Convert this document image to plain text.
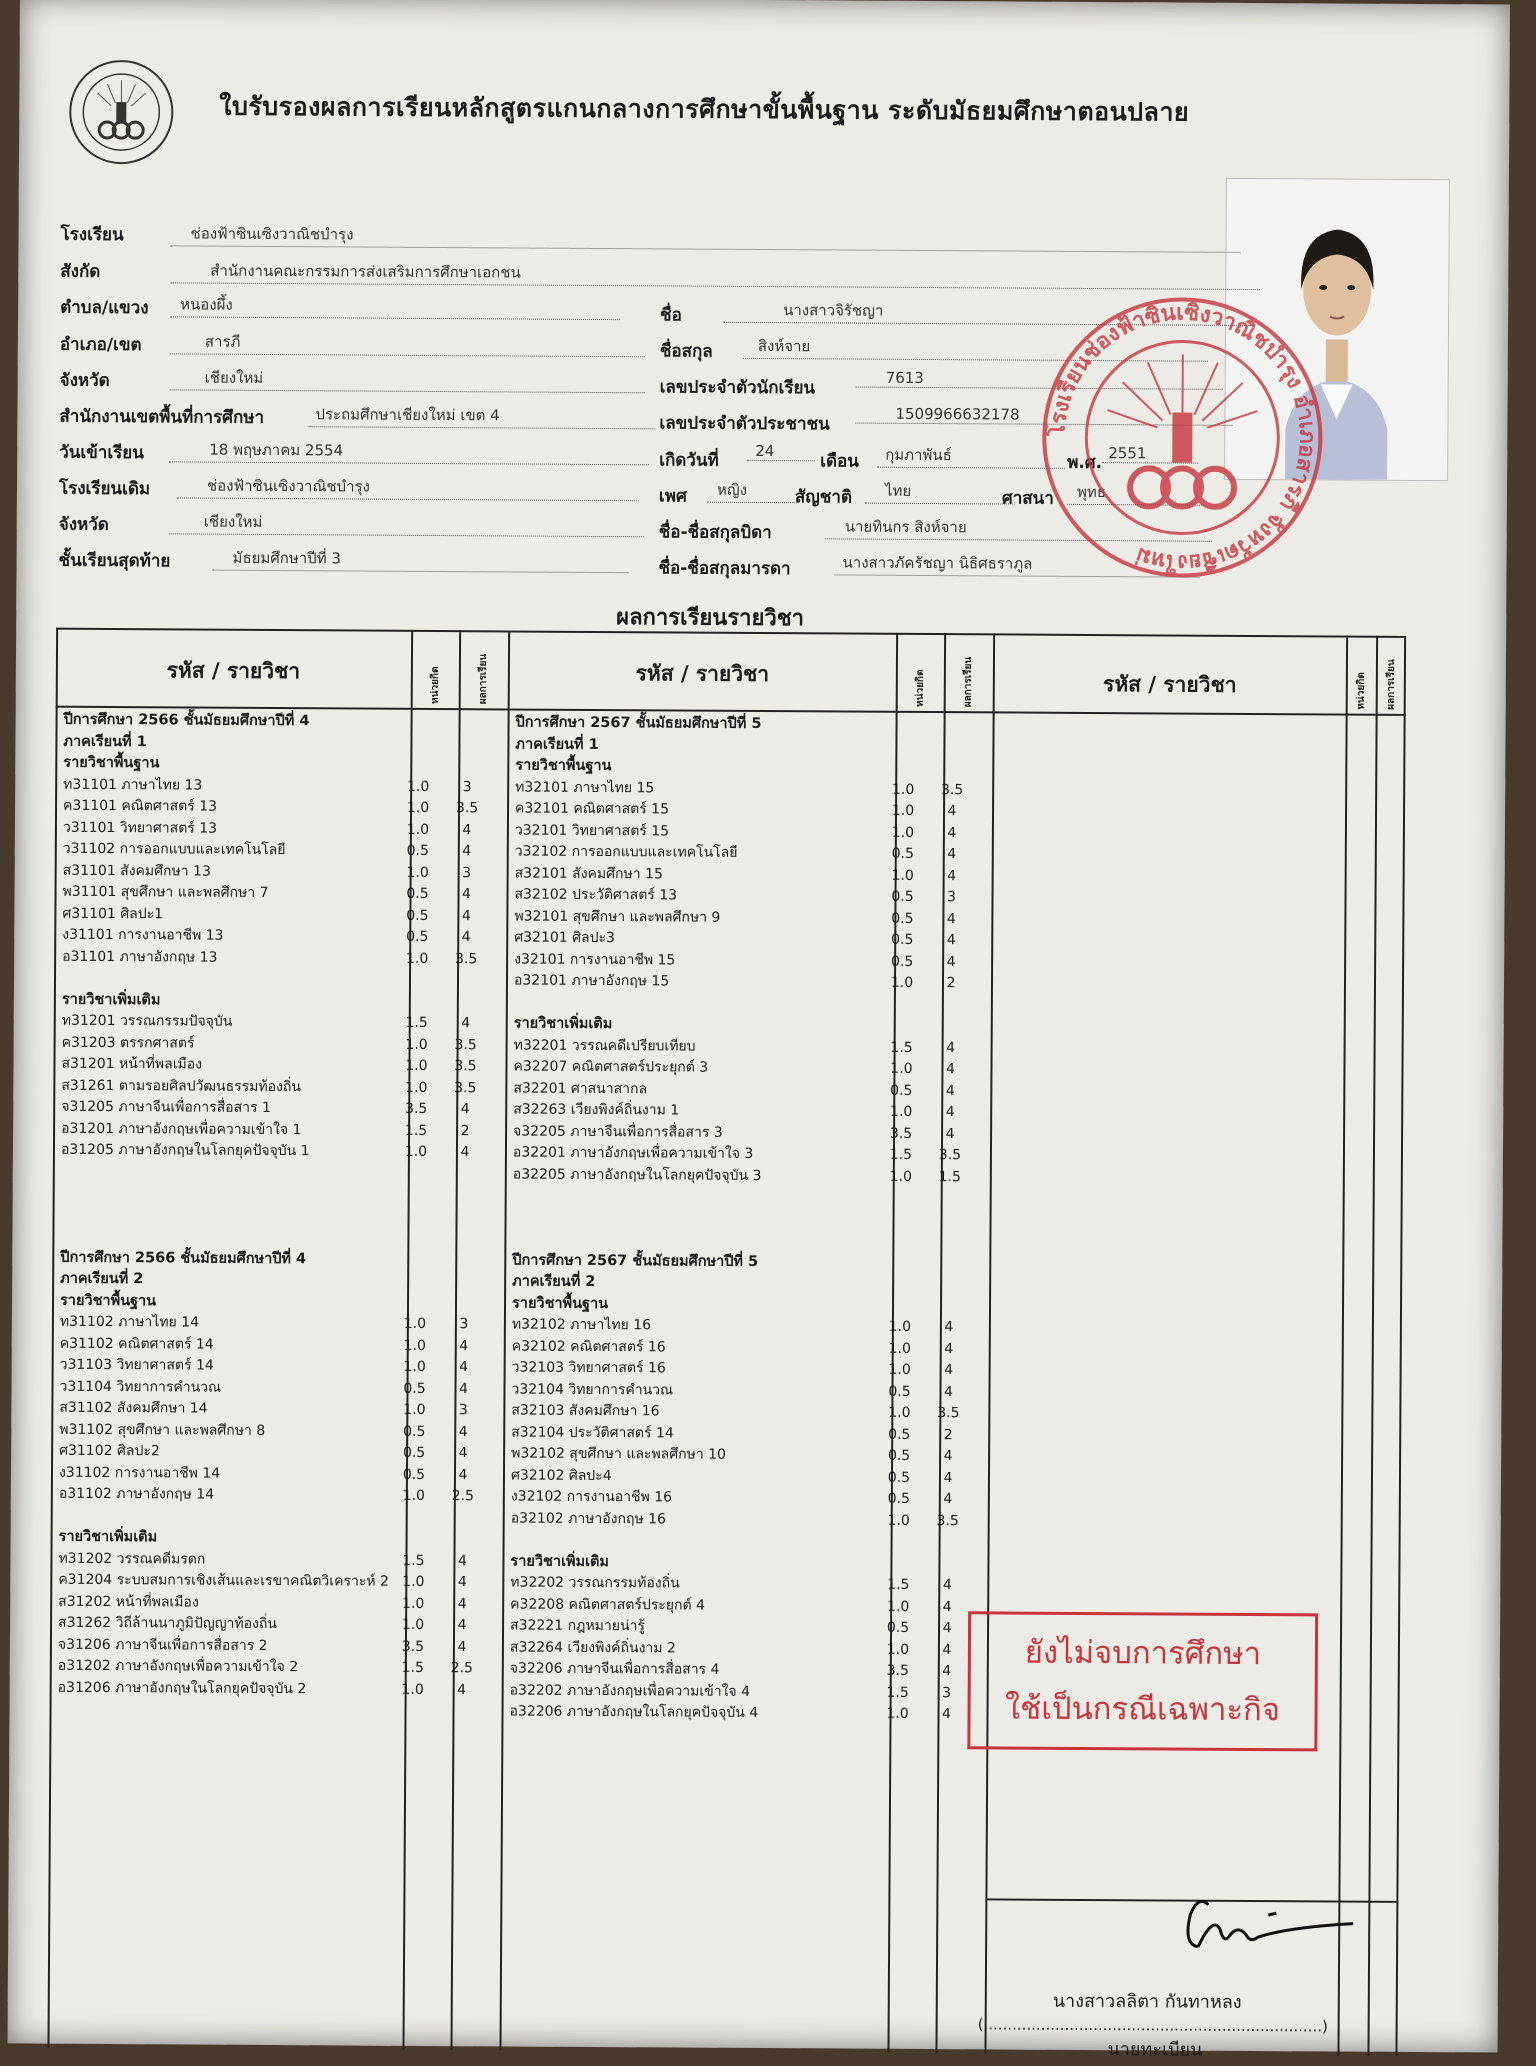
ใบรับรองผลการเรียนหลักสูตรแกนกลางการศึกษาขั้นพื้นฐาน ระดับมัธยมศึกษาตอนปลาย
โรงเรียน	ช่องฟ้าซินเซิงวาณิชบำรุง
สังกัด	สำนักงานคณะกรรมการส่งเสริมการศึกษาเอกชน
ตำบล/แขวง	หนองผึ้ง
อำเภอ/เขต	สารภี
จังหวัด	เชียงใหม่
สำนักงานเขตพื้นที่การศึกษา	ประถมศึกษาเชียงใหม่ เขต 4
วันเข้าเรียน	18 พฤษภาคม 2554
โรงเรียนเดิม	ช่องฟ้าซินเซิงวาณิชบำรุง
จังหวัด	เชียงใหม่
ชั้นเรียนสุดท้าย	มัธยมศึกษาปีที่ 3
ชื่อ	นางสาวจิรัชญา
ชื่อสกุล	สิงห์จาย
เลขประจำตัวนักเรียน	7613
เลขประจำตัวประชาชน	1509966632178
เกิดวันที่	24
เดือน	กุมภาพันธ์	พ.ศ. 2551
เพศ	หญิง	สัญชาติ	ไทย	ศาสนา	พุทธ
ชื่อ-ชื่อสกุลบิดา	นายทินกร สิงห์จาย
ชื่อ-ชื่อสกุลมารดา	นางสาวภัครัชญา นิธิศธราภูล
โรงเรียนช่องฟ้าซินเซิงวาณิชบำรุง อำเภอสารภี จังหวัดเชียงใหม่
ผลการเรียนรายวิชา
รหัส / รายวิชา	หน่วยกิต	ผลการเรียน	รหัส / รายวิชา	หน่วยกิต	ผลการเรียน	รหัส / รายวิชา	หน่วยกิต ผลการเรียน
ปีการศึกษา 2566 ชั้นมัธยมศึกษาปีที่ 4
ภาคเรียนที่ 1
รายวิชาพื้นฐาน
ท31101 ภาษาไทย 13	1.0	3
ค31101 คณิตศาสตร์ 13	1.0	3.5
ว31101 วิทยาศาสตร์ 13	1.0	4
ว31102 การออกแบบและเทคโนโลยี	0.5	4
ส31101 สังคมศึกษา 13	1.0	3
พ31101 สุขศึกษา และพลศึกษา 7	0.5	4
ศ31101 ศิลปะ1	0.5	4
ง31101 การงานอาชีพ 13	0.5	4
อ31101 ภาษาอังกฤษ 13	1.0	3.5
รายวิชาเพิ่มเติม
ท31201 วรรณกรรมปัจจุบัน	1.5	4
ค31203 ตรรกศาสตร์	1.0	3.5
ส31201 หน้าที่พลเมือง	1.0	3.5
ส31261 ตามรอยศิลปวัฒนธรรมท้องถิ่น	1.0	3.5
จ31205 ภาษาจีนเพื่อการสื่อสาร 1	3.5	4
อ31201 ภาษาอังกฤษเพื่อความเข้าใจ 1	1.5	2
อ31205 ภาษาอังกฤษในโลกยุคปัจจุบัน 1	1.0	4
ปีการศึกษา 2566 ชั้นมัธยมศึกษาปีที่ 4
ภาคเรียนที่ 2
รายวิชาพื้นฐาน
ท31102 ภาษาไทย 14	1.0	3
ค31102 คณิตศาสตร์ 14	1.0	4
ว31103 วิทยาศาสตร์ 14	1.0	4
ว31104 วิทยาการคำนวณ	0.5	4
ส31102 สังคมศึกษา 14	1.0	3
พ31102 สุขศึกษา และพลศึกษา 8	0.5	4
ศ31102 ศิลปะ2	0.5	4
ง31102 การงานอาชีพ 14	0.5	4
อ31102 ภาษาอังกฤษ 14	1.0	2.5
รายวิชาเพิ่มเติม
ท31202 วรรณคดีมรดก	1.5	4
ค31204 ระบบสมการเชิงเส้นและเรขาคณิตวิเคราะห์ 2 1.0	4
ส31202 หน้าที่พลเมือง	1.0	4
ส31262 วิถีล้านนาภูมิปัญญาท้องถิ่น	1.0	4
จ31206 ภาษาจีนเพื่อการสื่อสาร 2	3.5	4
อ31202 ภาษาอังกฤษเพื่อความเข้าใจ 2	1.5	2.5
อ31206 ภาษาอังกฤษในโลกยุคปัจจุบัน 2	1.0	4
ปีการศึกษา 2567 ชั้นมัธยมศึกษาปีที่ 5
ภาคเรียนที่ 1
รายวิชาพื้นฐาน
ท32101 ภาษาไทย 15	1.0	3.5
ค32101 คณิตศาสตร์ 15	1.0	4
ว32101 วิทยาศาสตร์ 15	1.0	4
ว32102 การออกแบบและเทคโนโลยี	0.5	4
ส32101 สังคมศึกษา 15	1.0	4
ส32102 ประวัติศาสตร์ 13	0.5	3
พ32101 สุขศึกษา และพลศึกษา 9	0.5	4
ศ32101 ศิลปะ3	0.5	4
ง32101 การงานอาชีพ 15	0.5	4
อ32101 ภาษาอังกฤษ 15	1.0	2
รายวิชาเพิ่มเติม
ท32201 วรรณคดีเปรียบเทียบ	1.5	4
ค32207 คณิตศาสตร์ประยุกต์ 3	1.0	4
ส32201 ศาสนาสากล	0.5	4
ส32263 เวียงพิงค์ถิ่นงาม 1	1.0	4
จ32205 ภาษาจีนเพื่อการสื่อสาร 3	3.5	4
อ32201 ภาษาอังกฤษเพื่อความเข้าใจ 3	1.5	3.5
อ32205 ภาษาอังกฤษในโลกยุคปัจจุบัน 3	1.0	1.5
ปีการศึกษา 2567 ชั้นมัธยมศึกษาปีที่ 5
ภาคเรียนที่ 2
รายวิชาพื้นฐาน
ท32102 ภาษาไทย 16	1.0	4
ค32102 คณิตศาสตร์ 16	1.0	4
ว32103 วิทยาศาสตร์ 16	1.0	4
ว32104 วิทยาการคำนวณ	0.5	4
ส32103 สังคมศึกษา 16	1.0	3.5
ส32104 ประวัติศาสตร์ 14	0.5	2
พ32102 สุขศึกษา และพลศึกษา 10	0.5	4
ศ32102 ศิลปะ4	0.5	4
ง32102 การงานอาชีพ 16	0.5	4
อ32102 ภาษาอังกฤษ 16	1.0	3.5
รายวิชาเพิ่มเติม
ท32202 วรรณกรรมท้องถิ่น	1.5	4
ค32208 คณิตศาสตร์ประยุกต์ 4	1.0	4
ส32221 กฎหมายน่ารู้	0.5	4
ส32264 เวียงพิงค์ถิ่นงาม 2	1.0	4
จ32206 ภาษาจีนเพื่อการสื่อสาร 4	3.5	4
อ32202 ภาษาอังกฤษเพื่อความเข้าใจ 4	1.5	3
อ32206 ภาษาอังกฤษในโลกยุคปัจจุบัน 4	1.0	4
ยังไม่จบการศึกษา
ใช้เป็นกรณีเฉพาะกิจ
นางสาวลลิตา กันทาหลง
(.......................................................................)
นายทะเบียน
